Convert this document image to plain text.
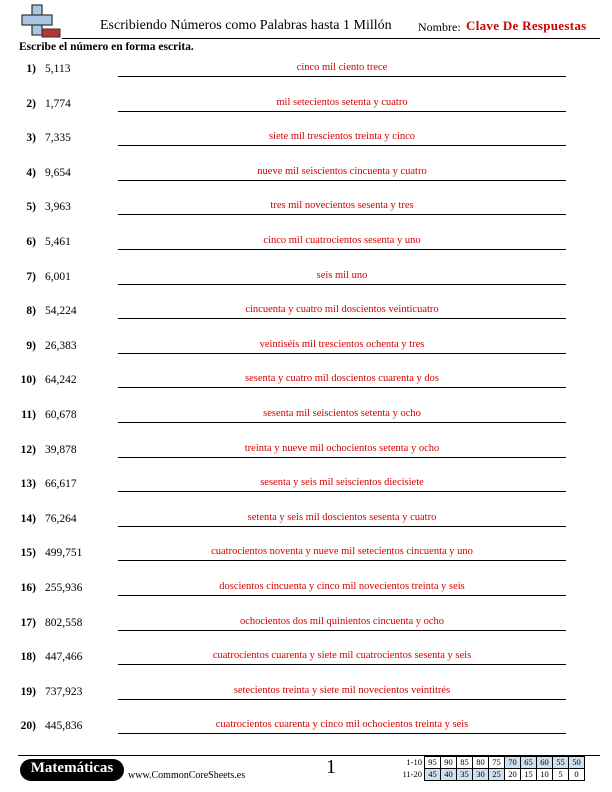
Escribiendo Números como Palabras hasta 1 Millón Nombre: Clave De Respuestas
Escribe el número en forma escrita.
1) 5,113	cinco mil ciento trece
2) 1,774	mil setecientos setenta y cuatro
3) 7,335	siete mil trescientos treinta y cinco
4) 9,654	nueve mil seiscientos cincuenta y cuatro
5) 3,963	tres mil novecientos sesenta y tres
6) 5,461	cinco mil cuatrocientos sesenta y uno
7) 6,001	seis mil uno
8) 54,224	cincuenta y cuatro mil doscientos veinticuatro
9) 26,383	veintiséis mil trescientos ochenta y tres
10) 64,242	sesenta y cuatro mil doscientos cuarenta y dos
11) 60,678	sesenta mil seiscientos setenta y ocho
12) 39,878	treinta y nueve mil ochocientos setenta y ocho
13) 66,617	sesenta y seis mil seiscientos diecisiete
14) 76,264	setenta y seis mil doscientos sesenta y cuatro
15) 499,751	cuatrocientos noventa y nueve mil setecientos cincuenta y uno
16) 255,936	doscientos cincuenta y cinco mil novecientos treinta y seis
17) 802,558	ochocientos dos mil quinientos cincuenta y ocho
18) 447,466	cuatrocientos cuarenta y siete mil cuatrocientos sesenta y seis
19) 737,923	setecientos treinta y siete mil novecientos veintitrés
20) 445,836	cuatrocientos cuarenta y cinco mil ochocientos treinta y seis
Matemáticas	www.CommonCoreSheets.es	1	1-10	95	90	85	80	75	70	65	60	55	50
11-20	45	40	35	30	25	20	15	10	5	0
